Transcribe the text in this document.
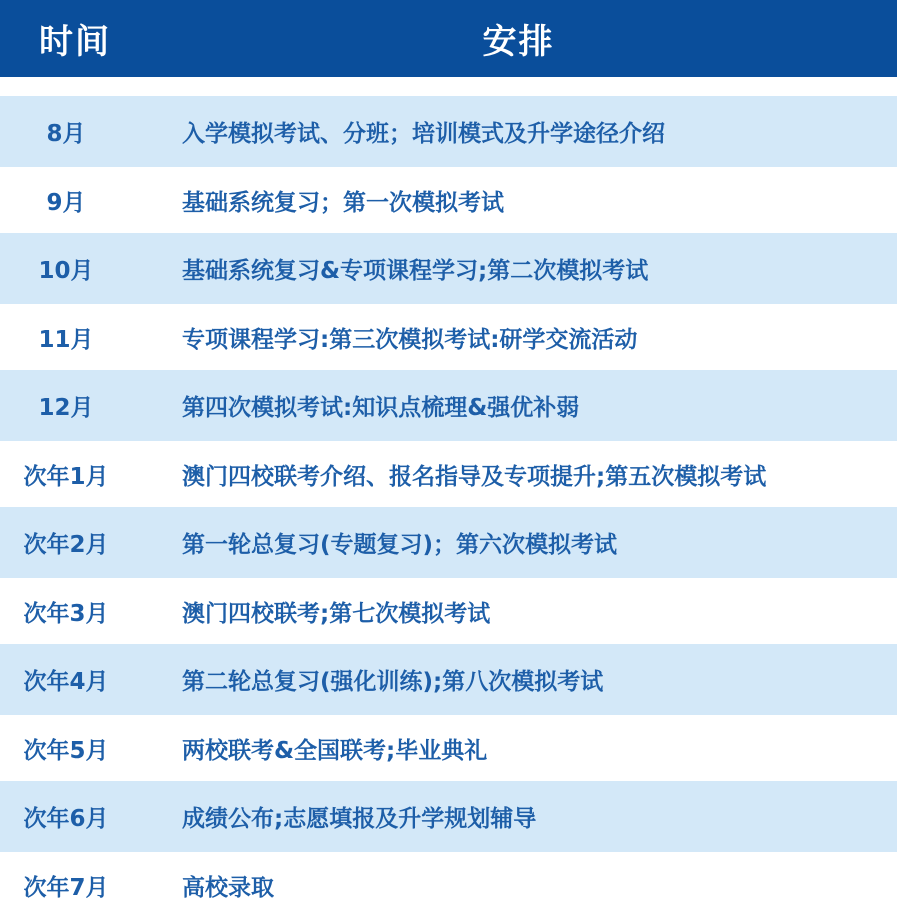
时间	安排
8月	入学模拟考试、分班；培训模式及升学途径介绍
9月	基础系统复习；第一次模拟考试
10月	基础系统复习&专项课程学习;第二次模拟考试
11月	专项课程学习:第三次模拟考试:研学交流活动
12月	第四次模拟考试:知识点梳理&强优补弱
次年1月	澳门四校联考介绍、报名指导及专项提升;第五次模拟考试
次年2月	第一轮总复习(专题复习)；第六次模拟考试
次年3月	澳门四校联考;第七次模拟考试
次年4月	第二轮总复习(强化训练);第八次模拟考试
次年5月	两校联考&全国联考;毕业典礼
次年6月	成绩公布;志愿填报及升学规划辅导
次年7月	高校录取
